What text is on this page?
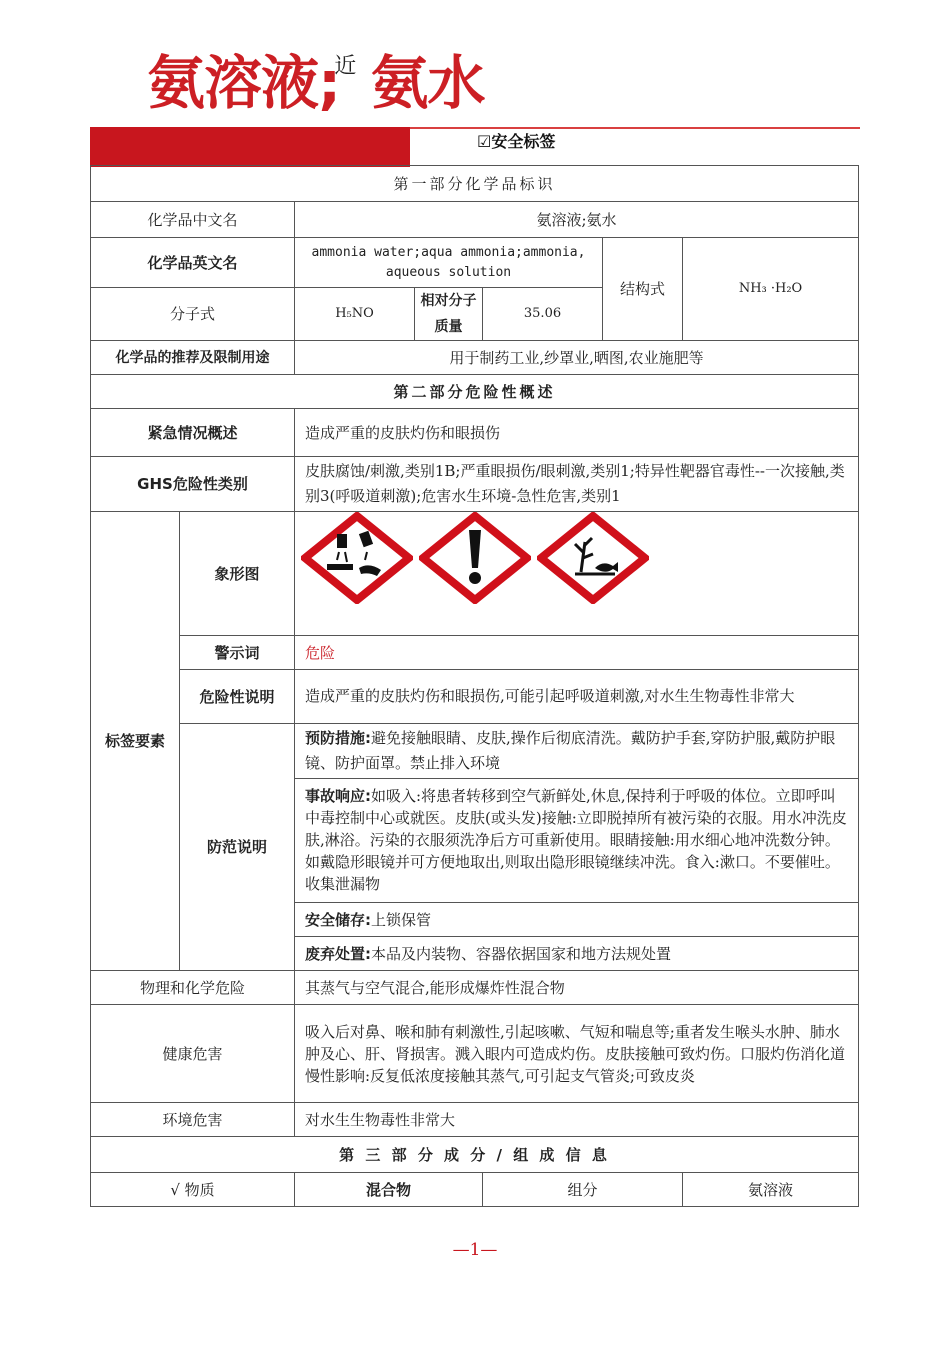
氨溶液;$^近$ 氨水
☑安全标签
第一部分化学品标识						
化学品中文名		氨溶液;氨水				
化学品英文名		ammonia water;aqua ammonia;ammonia,
aqueous solution			结构式	NH₃ ·H₂O
分子式		H₅NO	相对分子质量	35.06		
化学品的推荐及限制用途		用于制药工业,纱罩业,晒图,农业施肥等				
第二部分危险性概述						
紧急情况概述		造成严重的皮肤灼伤和眼损伤				
GHS危险性类别		皮肤腐蚀/刺激,类别1B;严重眼损伤/眼刺激,类别1;特异性靶器官毒性--一次接触,类别3(呼吸道刺激);危害水生环境-急性危害,类别1				
标签要素	象形图	

	警示词	危险				
	危险性说明	造成严重的皮肤灼伤和眼损伤,可能引起呼吸道刺激,对水生生物毒性非常大				
	防范说明	预防措施:避免接触眼睛、皮肤,操作后彻底清洗。戴防护手套,穿防护服,戴防护眼镜、防护面罩。禁止排入环境				
		事故响应:如吸入:将患者转移到空气新鲜处,休息,保持利于呼吸的体位。立即呼叫中毒控制中心或就医。皮肤(或头发)接触:立即脱掉所有被污染的衣服。用水冲洗皮肤,淋浴。污染的衣服须洗净后方可重新使用。眼睛接触:用水细心地冲洗数分钟。如戴隐形眼镜并可方便地取出,则取出隐形眼镜继续冲洗。食入:漱口。不要催吐。收集泄漏物				
		安全储存:上锁保管				
		废弃处置:本品及内装物、容器依据国家和地方法规处置				
物理和化学危险		其蒸气与空气混合,能形成爆炸性混合物				
健康危害		吸入后对鼻、喉和肺有刺激性,引起咳嗽、气短和喘息等;重者发生喉头水肿、肺水肿及心、肝、肾损害。溅入眼内可造成灼伤。皮肤接触可致灼伤。口服灼伤消化道
慢性影响:反复低浓度接触其蒸气,可引起支气管炎;可致皮炎				

环境危害		对水生生物毒性非常大				
第 三 部 分 成 分 / 组 成 信 息						
√ 物质		混合物		组分		氨溶液
—1—
